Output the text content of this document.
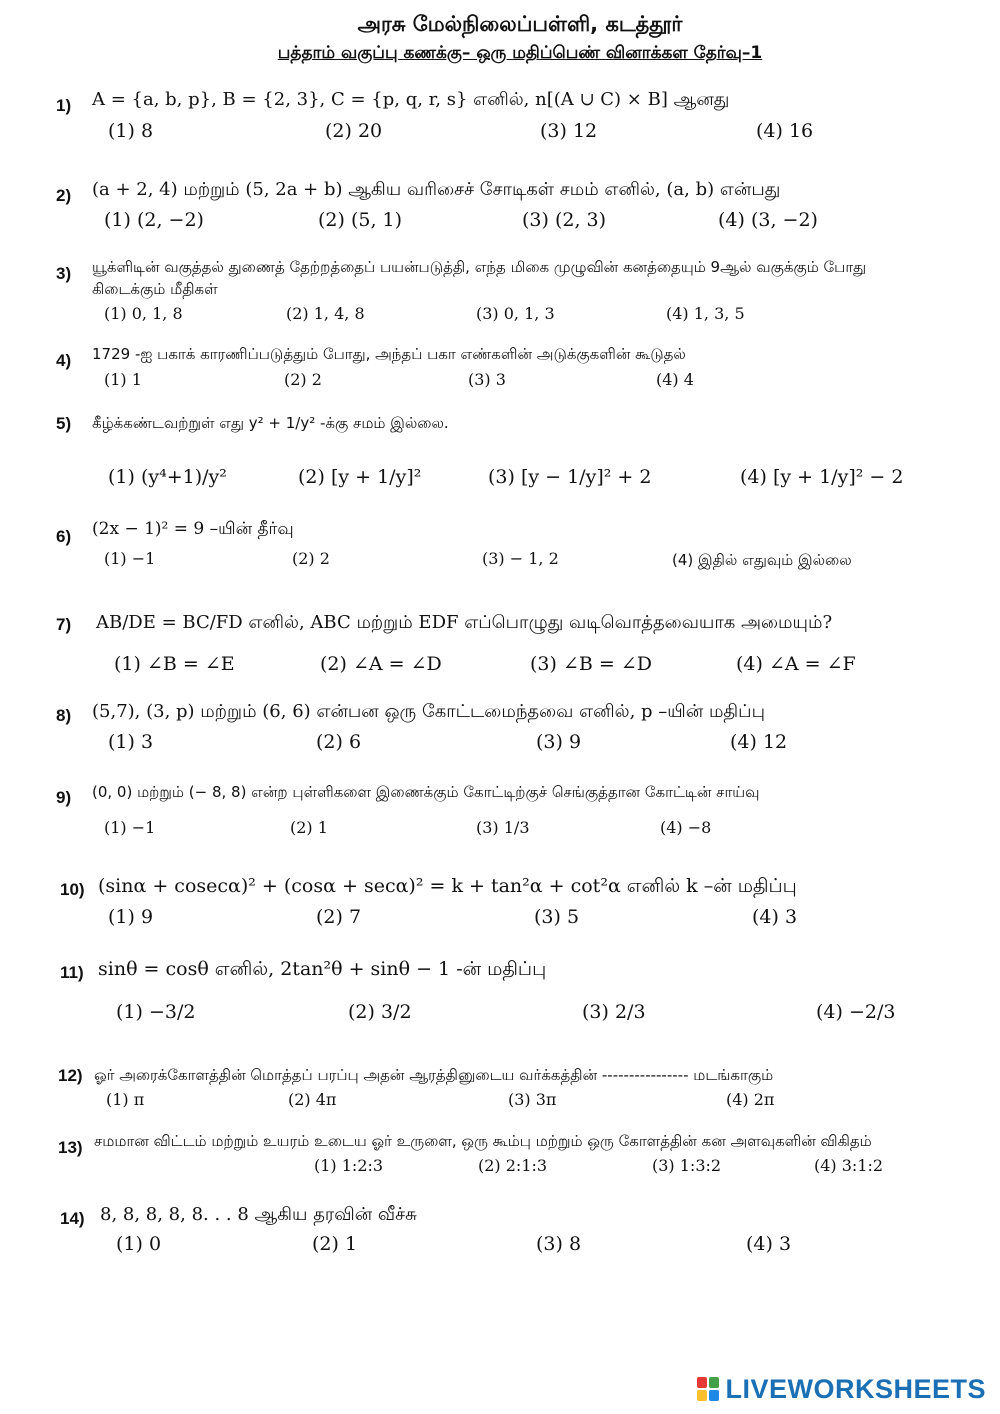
அரசு மேல்நிலைப்பள்ளி, கடத்தூர்
பத்தாம் வகுப்பு கணக்கு– ஒரு மதிப்பெண் வினாக்கள தேர்வு–1
1) A = {a, b, p}, B = {2, 3}, C = {p, q, r, s} எனில், n[(A ∪ C) × B] ஆனது
(1) 8	(2) 20	(3) 12	(4) 16
2) (a + 2, 4) மற்றும் (5, 2a + b) ஆகிய வரிசைச் சோடிகள் சமம் எனில், (a, b) என்பது
(1) (2, −2)	(2) (5, 1)	(3) (2, 3)	(4) (3, −2)
3) யூக்ளிடின் வகுத்தல் துணைத் தேற்றத்தைப் பயன்படுத்தி, எந்த மிகை முழுவின் கனத்தையும் 9ஆல் வகுக்கும் போது கிடைக்கும் மீதிகள்
(1) 0, 1, 8	(2) 1, 4, 8	(3) 0, 1, 3	(4) 1, 3, 5
4) 1729 -ஐ பகாக் காரணிப்படுத்தும் போது, அந்தப் பகா எண்களின் அடுக்குகளின் கூடுதல்
(1) 1	(2) 2	(3) 3	(4) 4
5) கீழ்க்கண்டவற்றுள் எது y² + 1/y² -க்கு சமம் இல்லை.
(1) (y⁴+1)/y²	(2) [y + 1/y]²	(3) [y − 1/y]² + 2	(4) [y + 1/y]² − 2
6) (2x − 1)² = 9 –யின் தீர்வு
(1) −1	(2) 2	(3) − 1, 2	(4) இதில் எதுவும் இல்லை
7) AB/DE = BC/FD எனில், ABC மற்றும் EDF எப்பொழுது வடிவொத்தவையாக அமையும்?
(1) ∠B = ∠E	(2) ∠A = ∠D	(3) ∠B = ∠D	(4) ∠A = ∠F
8) (5,7), (3, p) மற்றும் (6, 6) என்பன ஒரு கோட்டமைந்தவை எனில், p –யின் மதிப்பு
(1) 3	(2) 6	(3) 9	(4) 12
9) (0, 0) மற்றும் (− 8, 8) என்ற புள்ளிகளை இணைக்கும் கோட்டிற்குச் செங்குத்தான கோட்டின் சாய்வு
(1) −1	(2) 1	(3) 1/3	(4) −8
10) (sinα + cosecα)² + (cosα + secα)² = k + tan²α + cot²α எனில் k –ன் மதிப்பு
(1) 9	(2) 7	(3) 5	(4) 3
11) sinθ = cosθ எனில், 2tan²θ + sinθ − 1 -ன் மதிப்பு
(1) −3/2	(2) 3/2	(3) 2/3	(4) −2/3
12) ஓர் அரைக்கோளத்தின் மொத்தப் பரப்பு அதன் ஆரத்தினுடைய வர்க்கத்தின் ---------------- மடங்காகும்
(1) π	(2) 4π	(3) 3π	(4) 2π
13) சமமான விட்டம் மற்றும் உயரம் உடைய ஓர் உருளை, ஒரு கூம்பு மற்றும் ஒரு கோளத்தின் கன அளவுகளின் விகிதம்
(1) 1:2:3	(2) 2:1:3	(3) 1:3:2	(4) 3:1:2
14) 8, 8, 8, 8, 8. . . 8 ஆகிய தரவின் வீச்சு
(1) 0	(2) 1	(3) 8	(4) 3
LIVEWORKSHEETS
